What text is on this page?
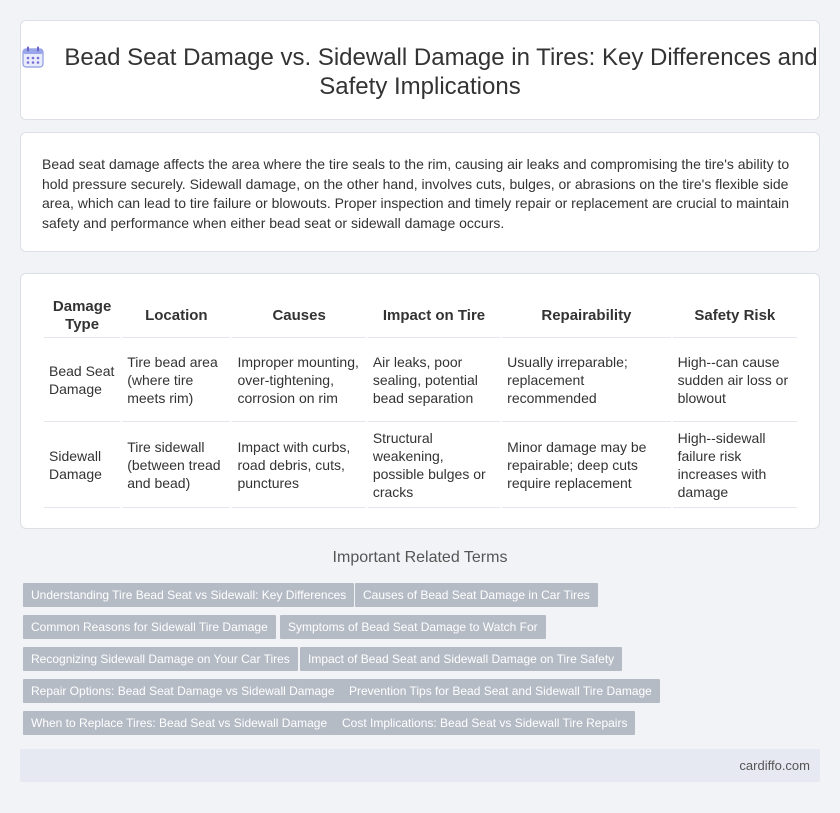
Bead Seat Damage vs. Sidewall Damage in Tires: Key Differences and Safety Implications

Bead seat damage affects the area where the tire seals to the rim, causing air leaks and compromising the tire's ability to hold pressure securely. Sidewall damage, on the other hand, involves cuts, bulges, or abrasions on the tire's flexible side area, which can lead to tire failure or blowouts. Proper inspection and timely repair or replacement are crucial to maintain safety and performance when either bead seat or sidewall damage occurs.

Damage Type	Location	Causes	Impact on Tire	Repairability	Safety Risk
Bead Seat Damage	Tire bead area (where tire meets rim)	Improper mounting, over-tightening, corrosion on rim	Air leaks, poor sealing, potential bead separation	Usually irreparable; replacement recommended	High--can cause sudden air loss or blowout
Sidewall Damage	Tire sidewall (between tread and bead)	Impact with curbs, road debris, cuts, punctures	Structural weakening, possible bulges or cracks	Minor damage may be repairable; deep cuts require replacement	High--sidewall failure risk increases with damage
Important Related Terms
Understanding Tire Bead Seat vs Sidewall: Key Differences	Causes of Bead Seat Damage in Car Tires
Common Reasons for Sidewall Tire Damage	Symptoms of Bead Seat Damage to Watch For
Recognizing Sidewall Damage on Your Car Tires	Impact of Bead Seat and Sidewall Damage on Tire Safety
Repair Options: Bead Seat Damage vs Sidewall Damage	Prevention Tips for Bead Seat and Sidewall Tire Damage
When to Replace Tires: Bead Seat vs Sidewall Damage	Cost Implications: Bead Seat vs Sidewall Tire Repairs
cardiffo.com
